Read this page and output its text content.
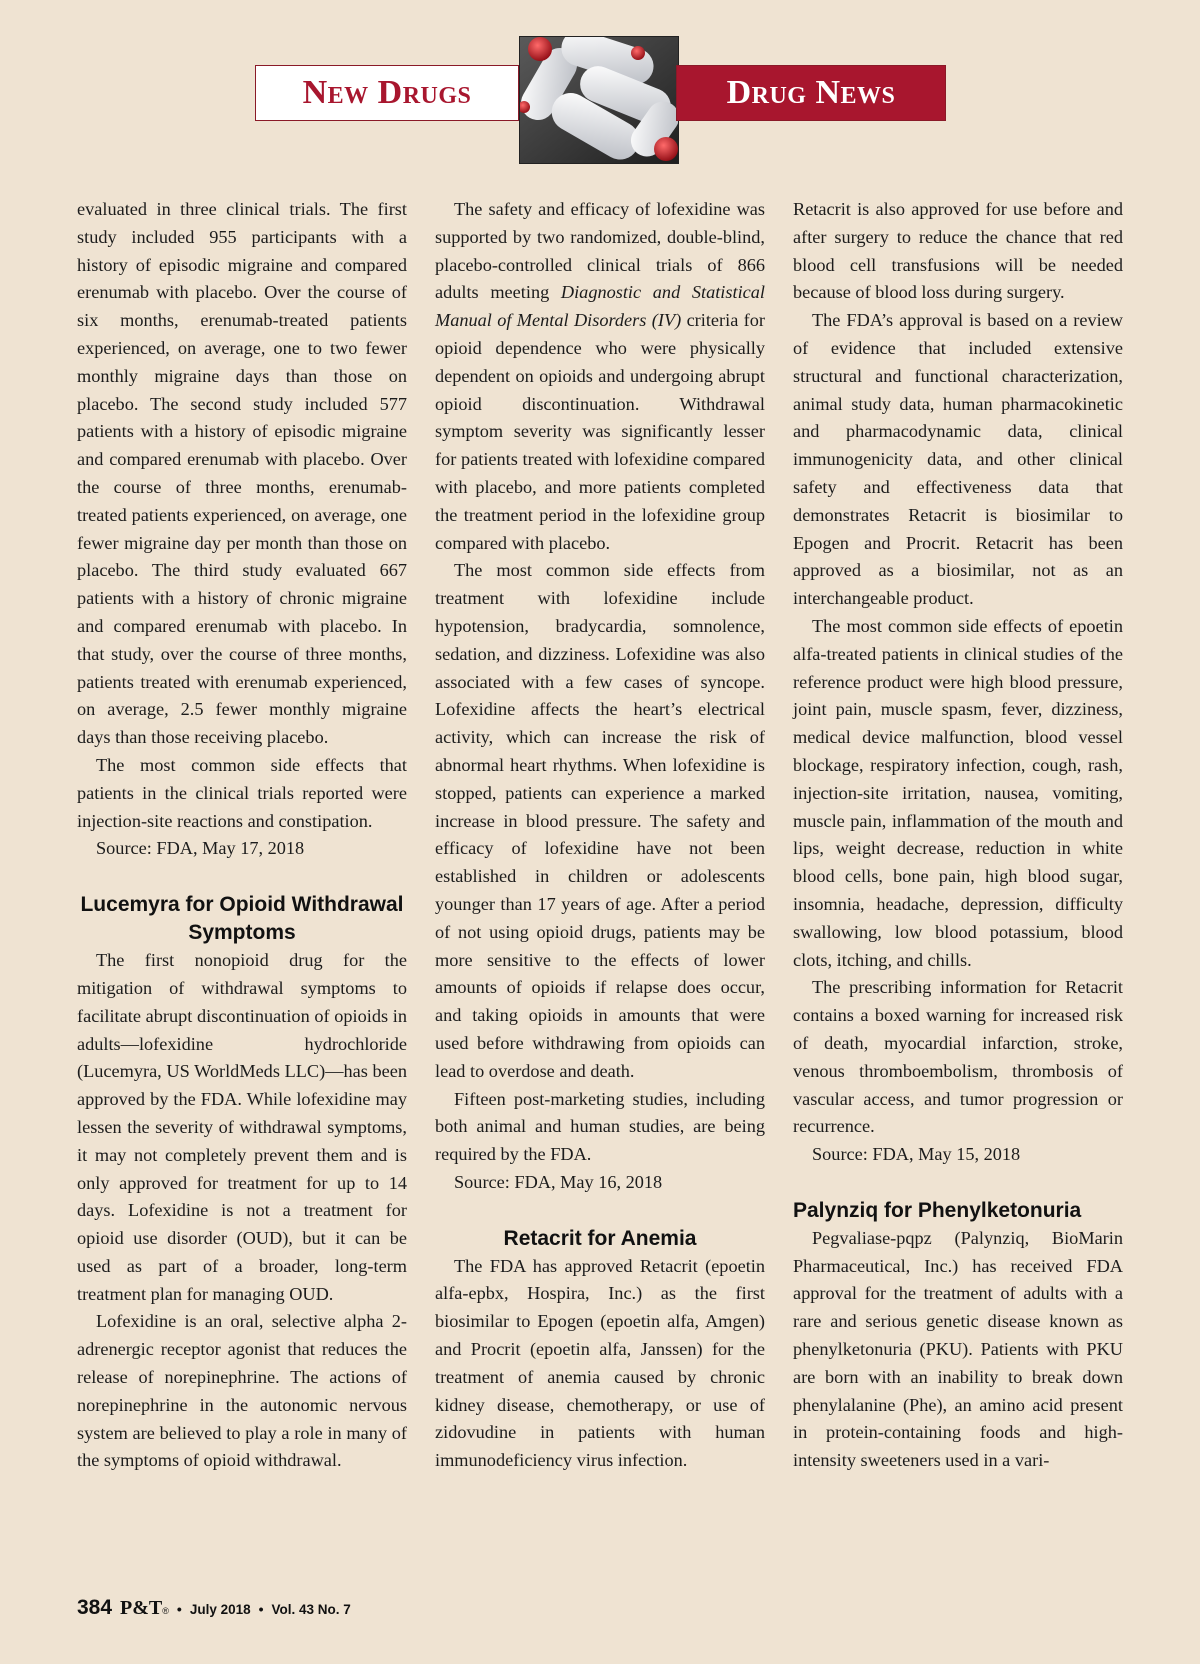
New Drugs	Drug News

evaluated in three clinical trials. The first study included 955 participants with a history of episodic migraine and compared erenumab with placebo. Over the course of six months, erenumab-treated patients experienced, on average, one to two fewer monthly migraine days than those on placebo. The second study included 577 patients with a history of episodic migraine and compared erenumab with placebo. Over the course of three months, erenumab-treated patients experienced, on average, one fewer migraine day per month than those on placebo. The third study evaluated 667 patients with a history of chronic migraine and compared erenumab with placebo. In that study, over the course of three months, patients treated with erenumab experienced, on average, 2.5 fewer monthly migraine days than those receiving placebo.

The most common side effects that patients in the clinical trials reported were injection-site reactions and constipation.

Source: FDA, May 17, 2018

Lucemyra for Opioid Withdrawal Symptoms

The first nonopioid drug for the mitigation of withdrawal symptoms to facilitate abrupt discontinuation of opioids in adults—lofexidine hydrochloride (Lucemyra, US WorldMeds LLC)—has been approved by the FDA. While lofexidine may lessen the severity of withdrawal symptoms, it may not completely prevent them and is only approved for treatment for up to 14 days. Lofexidine is not a treatment for opioid use disorder (OUD), but it can be used as part of a broader, long-term treatment plan for managing OUD.

Lofexidine is an oral, selective alpha 2-adrenergic receptor agonist that reduces the release of norepinephrine. The actions of norepinephrine in the autonomic nervous system are believed to play a role in many of the symptoms of opioid withdrawal.

The safety and efficacy of lofexidine was supported by two randomized, double-blind, placebo-controlled clinical trials of 866 adults meeting Diagnostic and Statistical Manual of Mental Disorders (IV) criteria for opioid dependence who were physically dependent on opioids and undergoing abrupt opioid discontinuation. Withdrawal symptom severity was significantly lesser for patients treated with lofexidine compared with placebo, and more patients completed the treatment period in the lofexidine group compared with placebo.

The most common side effects from treatment with lofexidine include hypotension, bradycardia, somnolence, sedation, and dizziness. Lofexidine was also associated with a few cases of syncope. Lofexidine affects the heart’s electrical activity, which can increase the risk of abnormal heart rhythms. When lofexidine is stopped, patients can experience a marked increase in blood pressure. The safety and efficacy of lofexidine have not been established in children or adolescents younger than 17 years of age. After a period of not using opioid drugs, patients may be more sensitive to the effects of lower amounts of opioids if relapse does occur, and taking opioids in amounts that were used before withdrawing from opioids can lead to overdose and death.

Fifteen post-marketing studies, including both animal and human studies, are being required by the FDA.

Source: FDA, May 16, 2018

Retacrit for Anemia

The FDA has approved Retacrit (epoetin alfa-epbx, Hospira, Inc.) as the first biosimilar to Epogen (epoetin alfa, Amgen) and Procrit (epoetin alfa, Janssen) for the treatment of anemia caused by chronic kidney disease, chemotherapy, or use of zidovudine in patients with human immunodeficiency virus infection.

Retacrit is also approved for use before and after surgery to reduce the chance that red blood cell transfusions will be needed because of blood loss during surgery.

The FDA’s approval is based on a review of evidence that included extensive structural and functional characterization, animal study data, human pharmacokinetic and pharmacodynamic data, clinical immunogenicity data, and other clinical safety and effectiveness data that demonstrates Retacrit is biosimilar to Epogen and Procrit. Retacrit has been approved as a biosimilar, not as an interchangeable product.

The most common side effects of epoetin alfa-treated patients in clinical studies of the reference product were high blood pressure, joint pain, muscle spasm, fever, dizziness, medical device malfunction, blood vessel blockage, respiratory infection, cough, rash, injection-site irritation, nausea, vomiting, muscle pain, inflammation of the mouth and lips, weight decrease, reduction in white blood cells, bone pain, high blood sugar, insomnia, headache, depression, difficulty swallowing, low blood potassium, blood clots, itching, and chills.

The prescribing information for Retacrit contains a boxed warning for increased risk of death, myocardial infarction, stroke, venous thromboembolism, thrombosis of vascular access, and tumor progression or recurrence.

Source: FDA, May 15, 2018

Palynziq for Phenylketonuria

Pegvaliase-pqpz (Palynziq, BioMarin Pharmaceutical, Inc.) has received FDA approval for the treatment of adults with a rare and serious genetic disease known as phenylketonuria (PKU). Patients with PKU are born with an inability to break down phenylalanine (Phe), an amino acid present in protein-containing foods and high-intensity sweeteners used in a vari-

384 P&T® • July 2018 • Vol. 43 No. 7
